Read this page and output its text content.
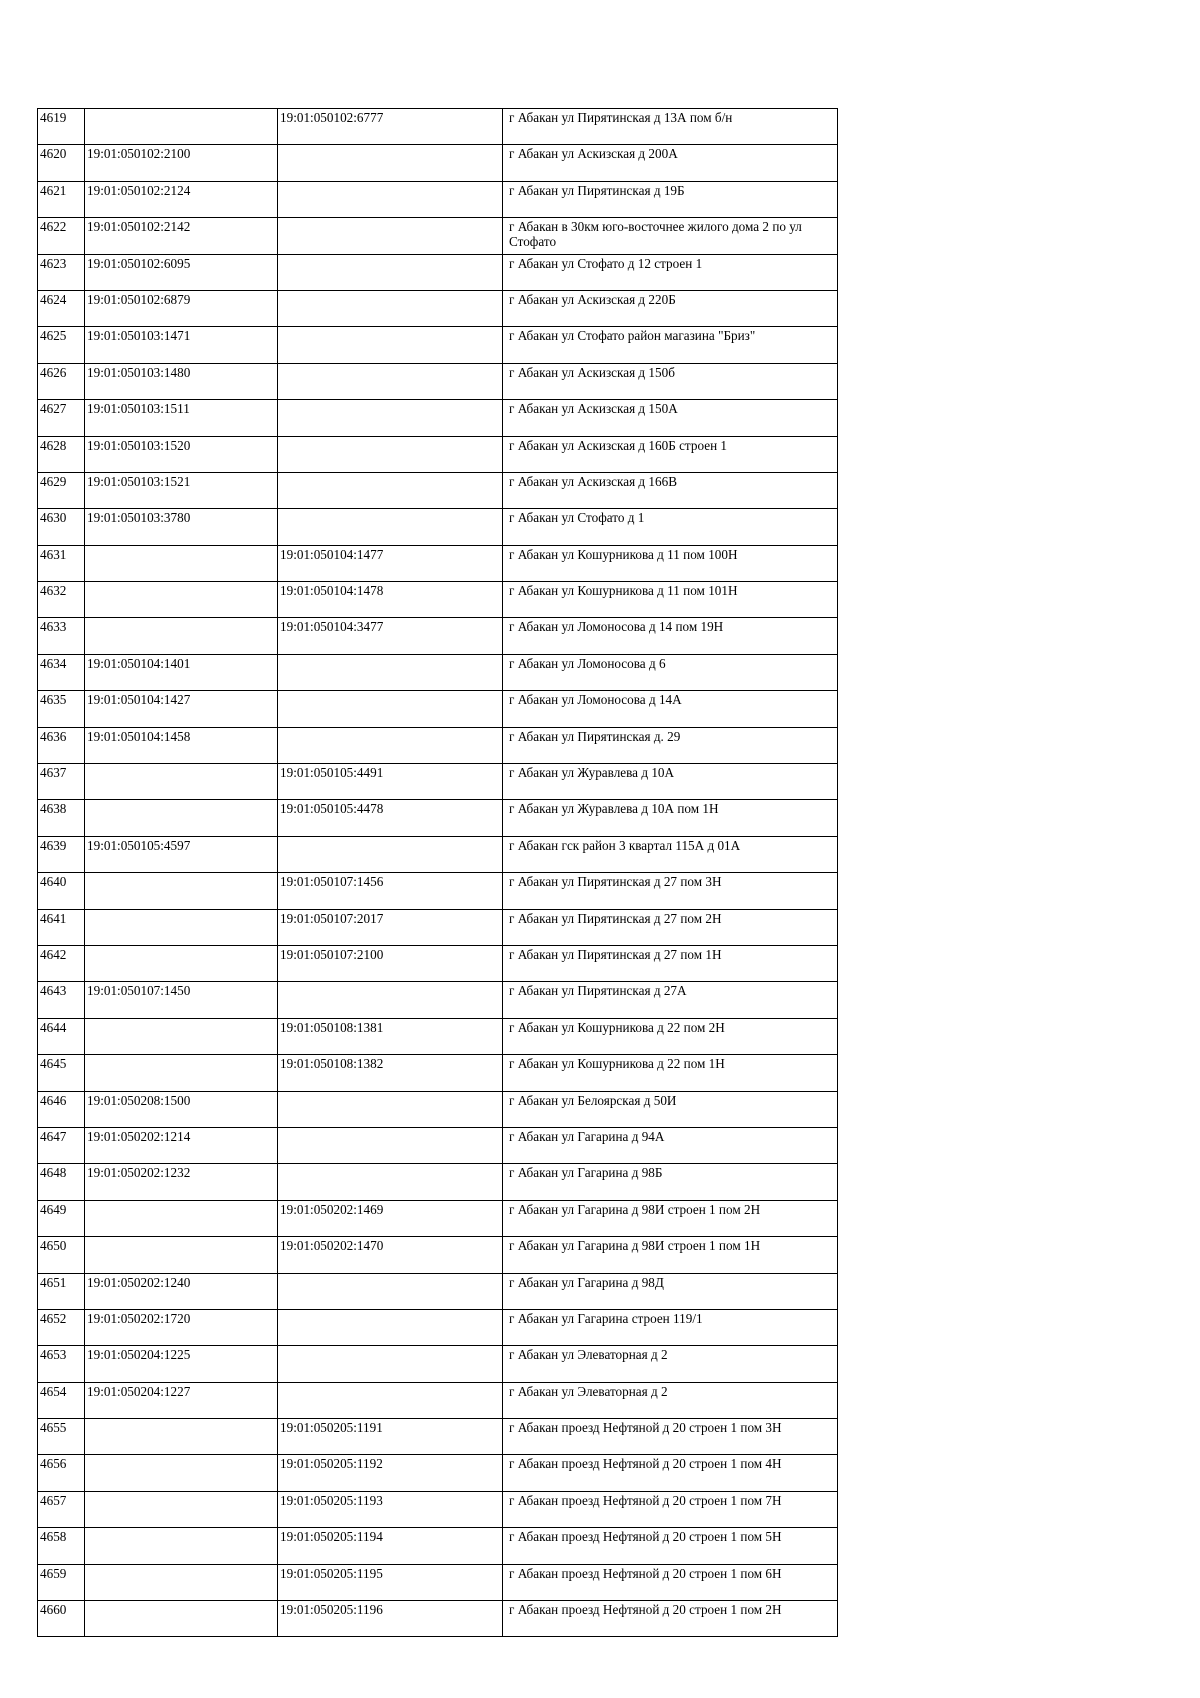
4619		19:01:050102:6777	г Абакан ул Пирятинская д 13А пом б/н
4620	19:01:050102:2100		г Абакан ул Аскизская д 200А
4621	19:01:050102:2124		г Абакан ул Пирятинская д 19Б
4622	19:01:050102:2142		г Абакан в 30км юго-восточнее жилого дома 2 по ул Стофато
4623	19:01:050102:6095		г Абакан ул Стофато д 12 строен 1
4624	19:01:050102:6879		г Абакан ул Аскизская д 220Б
4625	19:01:050103:1471		г Абакан ул Стофато район магазина "Бриз"
4626	19:01:050103:1480		г Абакан ул Аскизская д 150б
4627	19:01:050103:1511		г Абакан ул Аскизская д 150А
4628	19:01:050103:1520		г Абакан ул Аскизская д 160Б строен 1
4629	19:01:050103:1521		г Абакан ул Аскизская д 166В
4630	19:01:050103:3780		г Абакан ул Стофато д 1
4631		19:01:050104:1477	г Абакан ул Кошурникова д 11 пом 100Н
4632		19:01:050104:1478	г Абакан ул Кошурникова д 11 пом 101Н
4633		19:01:050104:3477	г Абакан ул Ломоносова д 14 пом 19Н
4634	19:01:050104:1401		г Абакан ул Ломоносова д 6
4635	19:01:050104:1427		г Абакан ул Ломоносова д 14А
4636	19:01:050104:1458		г Абакан ул Пирятинская д. 29
4637		19:01:050105:4491	г Абакан ул Журавлева д 10А
4638		19:01:050105:4478	г Абакан ул Журавлева д 10А пом 1Н
4639	19:01:050105:4597		г Абакан гск район 3 квартал 115А д 01А
4640		19:01:050107:1456	г Абакан ул Пирятинская д 27 пом 3Н
4641		19:01:050107:2017	г Абакан ул Пирятинская д 27 пом 2Н
4642		19:01:050107:2100	г Абакан ул Пирятинская д 27 пом 1Н
4643	19:01:050107:1450		г Абакан ул Пирятинская д 27А
4644		19:01:050108:1381	г Абакан ул Кошурникова д 22 пом 2Н
4645		19:01:050108:1382	г Абакан ул Кошурникова д 22 пом 1Н
4646	19:01:050208:1500		г Абакан ул Белоярская д 50И
4647	19:01:050202:1214		г Абакан ул Гагарина д 94А
4648	19:01:050202:1232		г Абакан ул Гагарина д 98Б
4649		19:01:050202:1469	г Абакан ул Гагарина д 98И строен 1 пом 2Н
4650		19:01:050202:1470	г Абакан ул Гагарина д 98И строен 1 пом 1Н
4651	19:01:050202:1240		г Абакан ул Гагарина д 98Д
4652	19:01:050202:1720		г Абакан ул Гагарина строен 119/1
4653	19:01:050204:1225		г Абакан ул Элеваторная д 2
4654	19:01:050204:1227		г Абакан ул Элеваторная д 2
4655		19:01:050205:1191	г Абакан проезд Нефтяной д 20 строен 1 пом 3Н
4656		19:01:050205:1192	г Абакан проезд Нефтяной д 20 строен 1 пом 4Н
4657		19:01:050205:1193	г Абакан проезд Нефтяной д 20 строен 1 пом 7Н
4658		19:01:050205:1194	г Абакан проезд Нефтяной д 20 строен 1 пом 5Н
4659		19:01:050205:1195	г Абакан проезд Нефтяной д 20 строен 1 пом 6Н
4660		19:01:050205:1196	г Абакан проезд Нефтяной д 20 строен 1 пом 2Н
